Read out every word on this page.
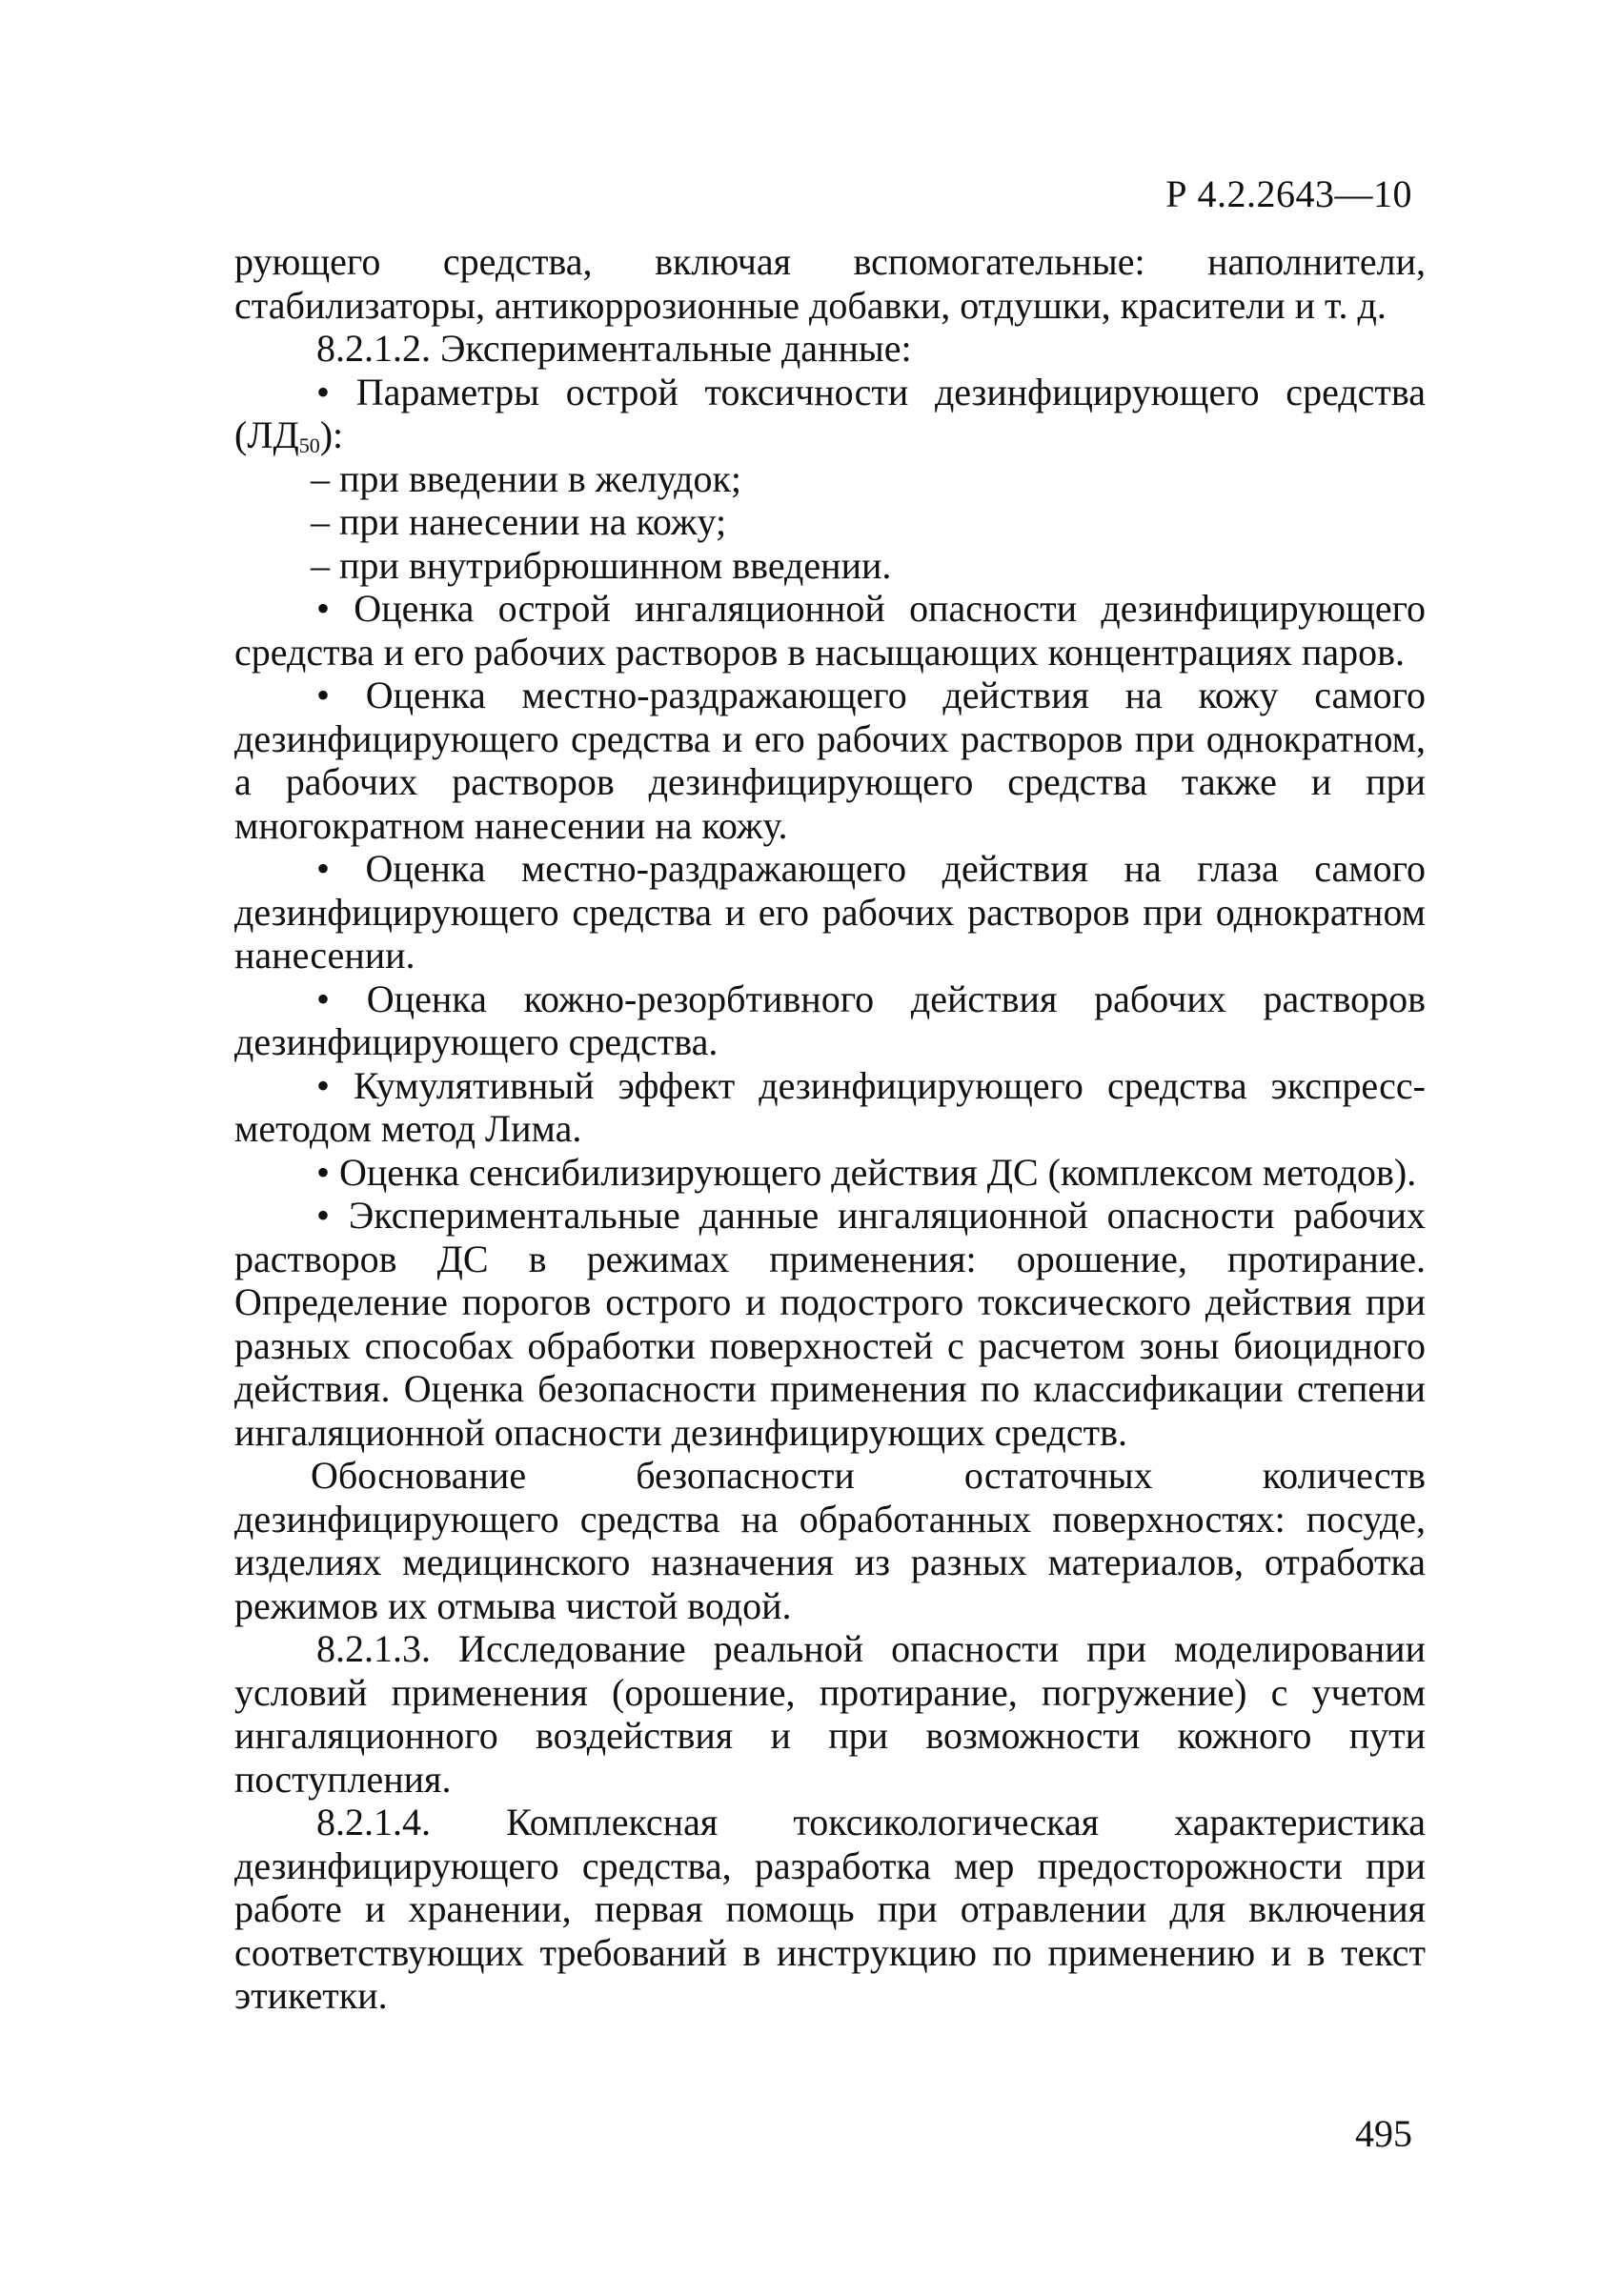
Р 4.2.2643—10

рующего средства, включая вспомогательные: наполнители, стабилизаторы, антикоррозионные добавки, отдушки, красители и т. д.

8.2.1.2. Экспериментальные данные:

• Параметры острой токсичности дезинфицирующего средства $(ЛД_{50})$:

– при введении в желудок;

– при нанесении на кожу;

– при внутрибрюшинном введении.

• Оценка острой ингаляционной опасности дезинфицирующего средства и его рабочих растворов в насыщающих концентрациях паров.

• Оценка местно-раздражающего действия на кожу самого дезинфицирующего средства и его рабочих растворов при однократном, а рабочих растворов дезинфицирующего средства также и при многократном нанесении на кожу.

• Оценка местно-раздражающего действия на глаза самого дезинфицирующего средства и его рабочих растворов при однократном нанесении.

• Оценка кожно-резорбтивного действия рабочих растворов дезинфицирующего средства.

• Кумулятивный эффект дезинфицирующего средства экспресс-методом метод Лима.

• Оценка сенсибилизирующего действия ДС (комплексом методов).

• Экспериментальные данные ингаляционной опасности рабочих растворов ДС в режимах применения: орошение, протирание. Определение порогов острого и подострого токсического действия при разных способах обработки поверхностей с расчетом зоны биоцидного действия. Оценка безопасности применения по классификации степени ингаляционной опасности дезинфицирующих средств.

Обоснование безопасности остаточных количеств дезинфицирующего средства на обработанных поверхностях: посуде, изделиях медицинского назначения из разных материалов, отработка режимов их отмыва чистой водой.

8.2.1.3. Исследование реальной опасности при моделировании условий применения (орошение, протирание, погружение) с учетом ингаляционного воздействия и при возможности кожного пути поступления.

8.2.1.4. Комплексная токсикологическая характеристика дезинфицирующего средства, разработка мер предосторожности при работе и хранении, первая помощь при отравлении для включения соответствующих требований в инструкцию по применению и в текст этикетки.

495
